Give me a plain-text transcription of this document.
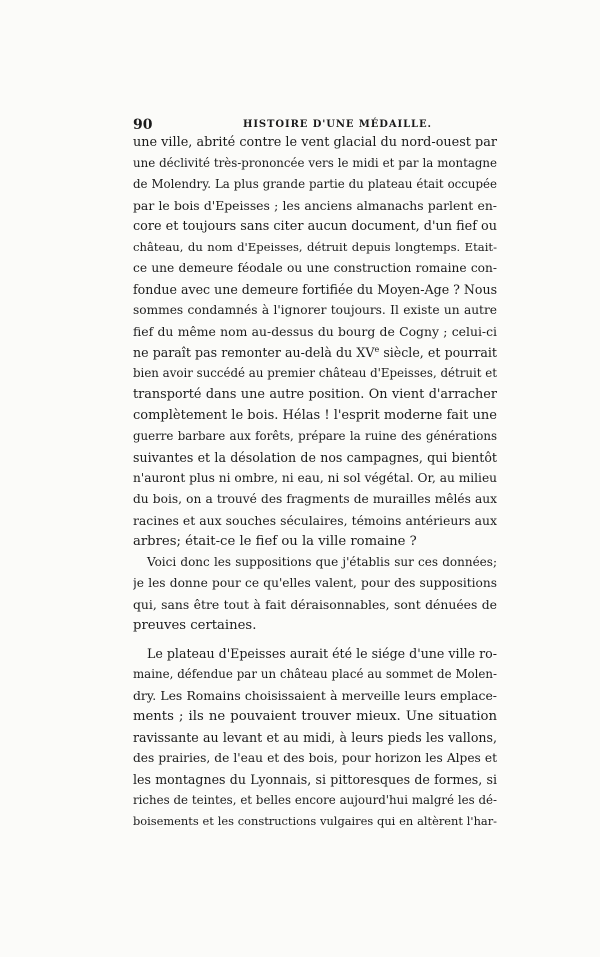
90	HISTOIRE D'UNE MÉDAILLE.
une ville, abrité contre le vent glacial du nord-ouest par
une déclivité très-prononcée vers le midi et par la montagne
de Molendry. La plus grande partie du plateau était occupée
par le bois d'Epeisses ; les anciens almanachs parlent en-
core et toujours sans citer aucun document, d'un fief ou
château, du nom d'Epeisses, détruit depuis longtemps. Etait-
ce une demeure féodale ou une construction romaine con-
fondue avec une demeure fortifiée du Moyen-Age ? Nous
sommes condamnés à l'ignorer toujours. Il existe un autre
fief du même nom au-dessus du bourg de Cogny ; celui-ci
ne paraît pas remonter au-delà du XVe siècle, et pourrait
bien avoir succédé au premier château d'Epeisses, détruit et
transporté dans une autre position. On vient d'arracher
complètement le bois. Hélas ! l'esprit moderne fait une
guerre barbare aux forêts, prépare la ruine des générations
suivantes et la désolation de nos campagnes, qui bientôt
n'auront plus ni ombre, ni eau, ni sol végétal. Or, au milieu
du bois, on a trouvé des fragments de murailles mêlés aux
racines et aux souches séculaires, témoins antérieurs aux
arbres; était-ce le fief ou la ville romaine ?
Voici donc les suppositions que j'établis sur ces données;
je les donne pour ce qu'elles valent, pour des suppositions
qui, sans être tout à fait déraisonnables, sont dénuées de
preuves certaines.
Le plateau d'Epeisses aurait été le siége d'une ville ro-
maine, défendue par un château placé au sommet de Molen-
dry. Les Romains choisissaient à merveille leurs emplace-
ments ; ils ne pouvaient trouver mieux. Une situation
ravissante au levant et au midi, à leurs pieds les vallons,
des prairies, de l'eau et des bois, pour horizon les Alpes et
les montagnes du Lyonnais, si pittoresques de formes, si
riches de teintes, et belles encore aujourd'hui malgré les dé-
boisements et les constructions vulgaires qui en altèrent l'har-
